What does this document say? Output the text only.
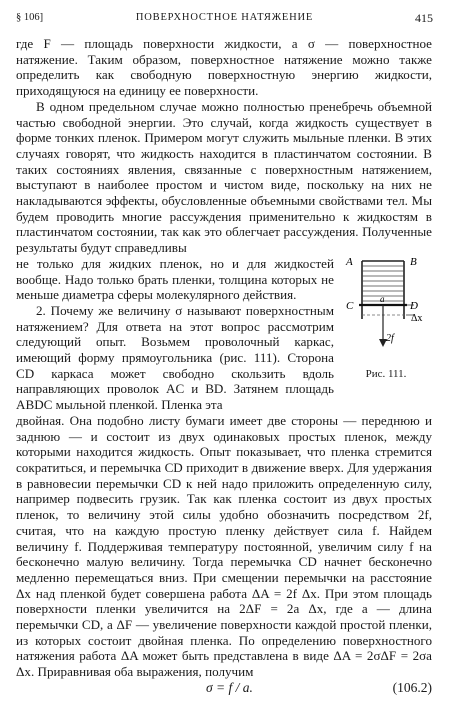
§ 106]	ПОВЕРХНОСТНОЕ НАТЯЖЕНИЕ	415

где F — площадь поверхности жидкости, а σ — поверхностное натяжение. Таким образом, поверхностное натяжение можно также определить как свободную поверхностную энергию жидкости, приходящуюся на единицу ее поверхности.

В одном предельном случае можно полностью пренебречь объемной частью свободной энергии. Это случай, когда жидкость существует в форме тонких пленок. Примером могут служить мыльные пленки. В этих случаях говорят, что жидкость находится в пластинчатом состоянии. В таких состояниях явления, связанные с поверхностным натяжением, выступают в наиболее простом и чистом виде, поскольку на них не накладываются эффекты, обусловленные объемными свойствами тел. Мы будем проводить многие рассуждения применительно к жидкостям в пластинчатом состоянии, так как это облегчает рассуждения. Полученные результаты будут справедливы

не только для жидких пленок, но и для жидкостей вообще. Надо только брать пленки, толщина которых не меньше диаметра сферы молекулярного действия.

2. Почему же величину σ называют поверхностным натяжением? Для ответа на этот вопрос рассмотрим следующий опыт. Возьмем проволочный каркас, имеющий форму прямоугольника (рис. 111). Сторона CD каркаса может свободно скользить вдоль направляющих проволок AC и BD. Затянем площадь ABDC мыльной пленкой. Пленка эта

двойная. Она подобно листу бумаги имеет две стороны — переднюю и заднюю — и состоит из двух одинаковых простых пленок, между которыми находится жидкость. Опыт показывает, что пленка стремится сократиться, и перемычка CD приходит в движение вверх. Для удержания в равновесии перемычки CD к ней надо приложить определенную силу, например подвесить грузик. Так как пленка состоит из двух простых пленок, то величину этой силы удобно обозначить посредством 2f, считая, что на каждую простую пленку действует сила f. Найдем величину f. Поддерживая температуру постоянной, увеличим силу f на бесконечно малую величину. Тогда перемычка CD начнет бесконечно медленно перемещаться вниз. При смещении перемычки на расстояние Δx над пленкой будет совершена работа ΔA = 2f Δx. При этом площадь поверхности пленки увеличится на 2ΔF = 2a Δx, где a — длина перемычки CD, а ΔF — увеличение поверхности каждой простой пленки, из которых состоит двойная пленка. По определению поверхностного натяжения работа ΔA может быть представлена в виде ΔA = 2σΔF = 2σa Δx. Приравнивая оба выражения, получим

A	B
C	D
a
Δx
2f
Рис. 111.
σ = f / a.	(106.2)
